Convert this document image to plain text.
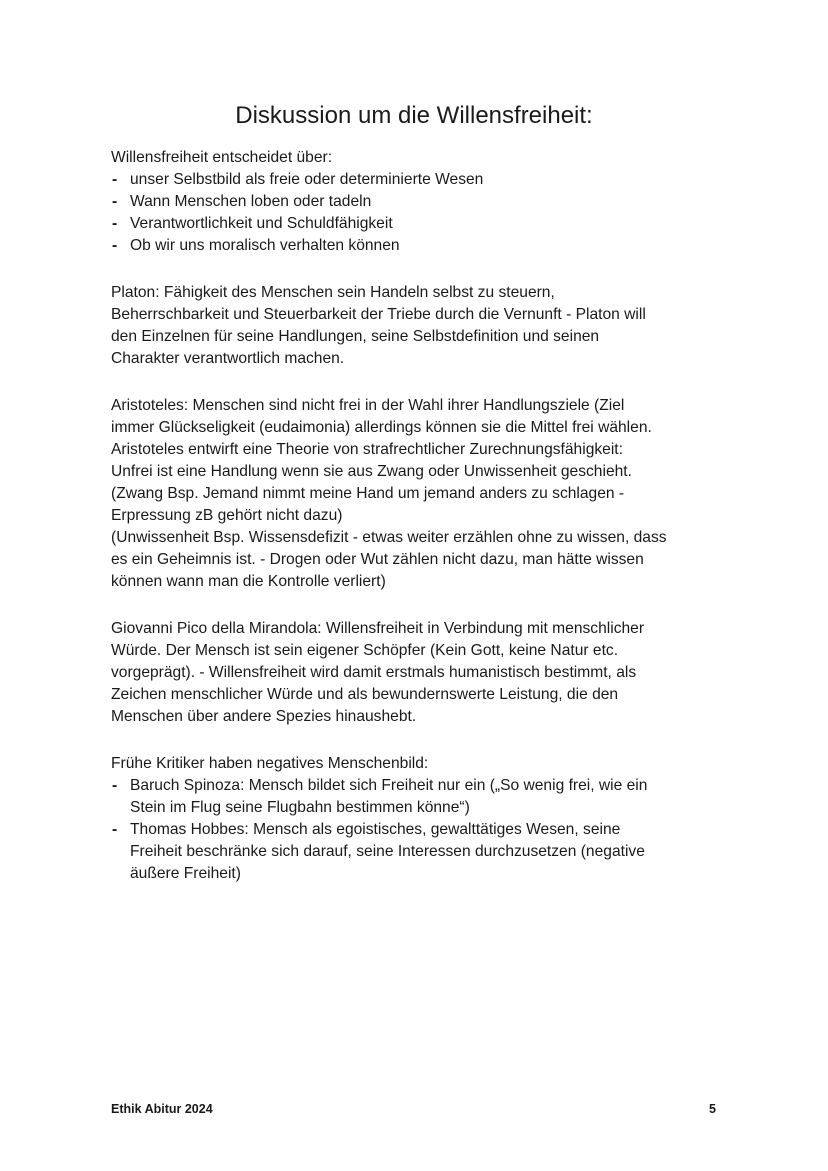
Diskussion um die Willensfreiheit:
Willensfreiheit entscheidet über:
- unser Selbstbild als freie oder determinierte Wesen
- Wann Menschen loben oder tadeln
- Verantwortlichkeit und Schuldfähigkeit
- Ob wir uns moralisch verhalten können
Platon: Fähigkeit des Menschen sein Handeln selbst zu steuern,
Beherrschbarkeit und Steuerbarkeit der Triebe durch die Vernunft - Platon will
den Einzelnen für seine Handlungen, seine Selbstdefinition und seinen
Charakter verantwortlich machen.
Aristoteles: Menschen sind nicht frei in der Wahl ihrer Handlungsziele (Ziel
immer Glückseligkeit (eudaimonia) allerdings können sie die Mittel frei wählen.
Aristoteles entwirft eine Theorie von strafrechtlicher Zurechnungsfähigkeit:
Unfrei ist eine Handlung wenn sie aus Zwang oder Unwissenheit geschieht.
(Zwang Bsp. Jemand nimmt meine Hand um jemand anders zu schlagen -
Erpressung zB gehört nicht dazu)
(Unwissenheit Bsp. Wissensdefizit - etwas weiter erzählen ohne zu wissen, dass
es ein Geheimnis ist. - Drogen oder Wut zählen nicht dazu, man hätte wissen
können wann man die Kontrolle verliert)
Giovanni Pico della Mirandola: Willensfreiheit in Verbindung mit menschlicher
Würde. Der Mensch ist sein eigener Schöpfer (Kein Gott, keine Natur etc.
vorgeprägt). - Willensfreiheit wird damit erstmals humanistisch bestimmt, als
Zeichen menschlicher Würde und als bewundernswerte Leistung, die den
Menschen über andere Spezies hinaushebt.
Frühe Kritiker haben negatives Menschenbild:
- Baruch Spinoza: Mensch bildet sich Freiheit nur ein („So wenig frei, wie ein
Stein im Flug seine Flugbahn bestimmen könne“)
- Thomas Hobbes: Mensch als egoistisches, gewalttätiges Wesen, seine
Freiheit beschränke sich darauf, seine Interessen durchzusetzen (negative
äußere Freiheit)
Ethik Abitur 2024	5
